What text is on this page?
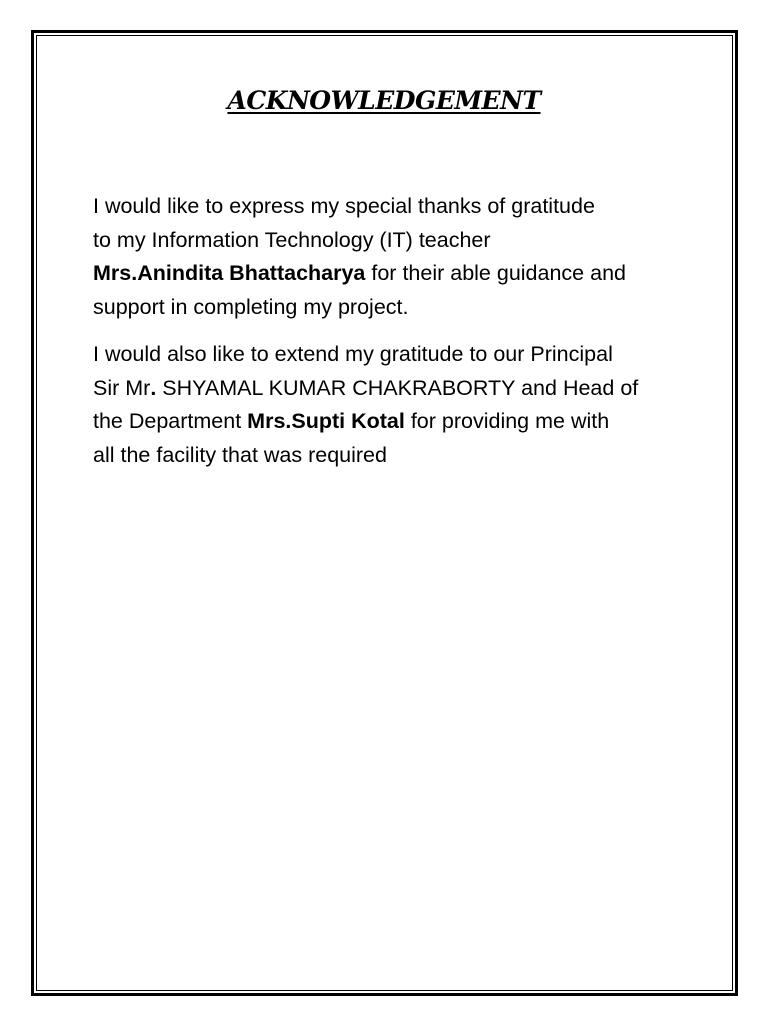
ACKNOWLEDGEMENT

I would like to express my special thanks of gratitude

to my Information Technology (IT) teacher

Mrs.Anindita Bhattacharya for their able guidance and

support in completing my project.

I would also like to extend my gratitude to our Principal

Sir Mr. SHYAMAL KUMAR CHAKRABORTY and Head of

the Department Mrs.Supti Kotal for providing me with

all the facility that was required
